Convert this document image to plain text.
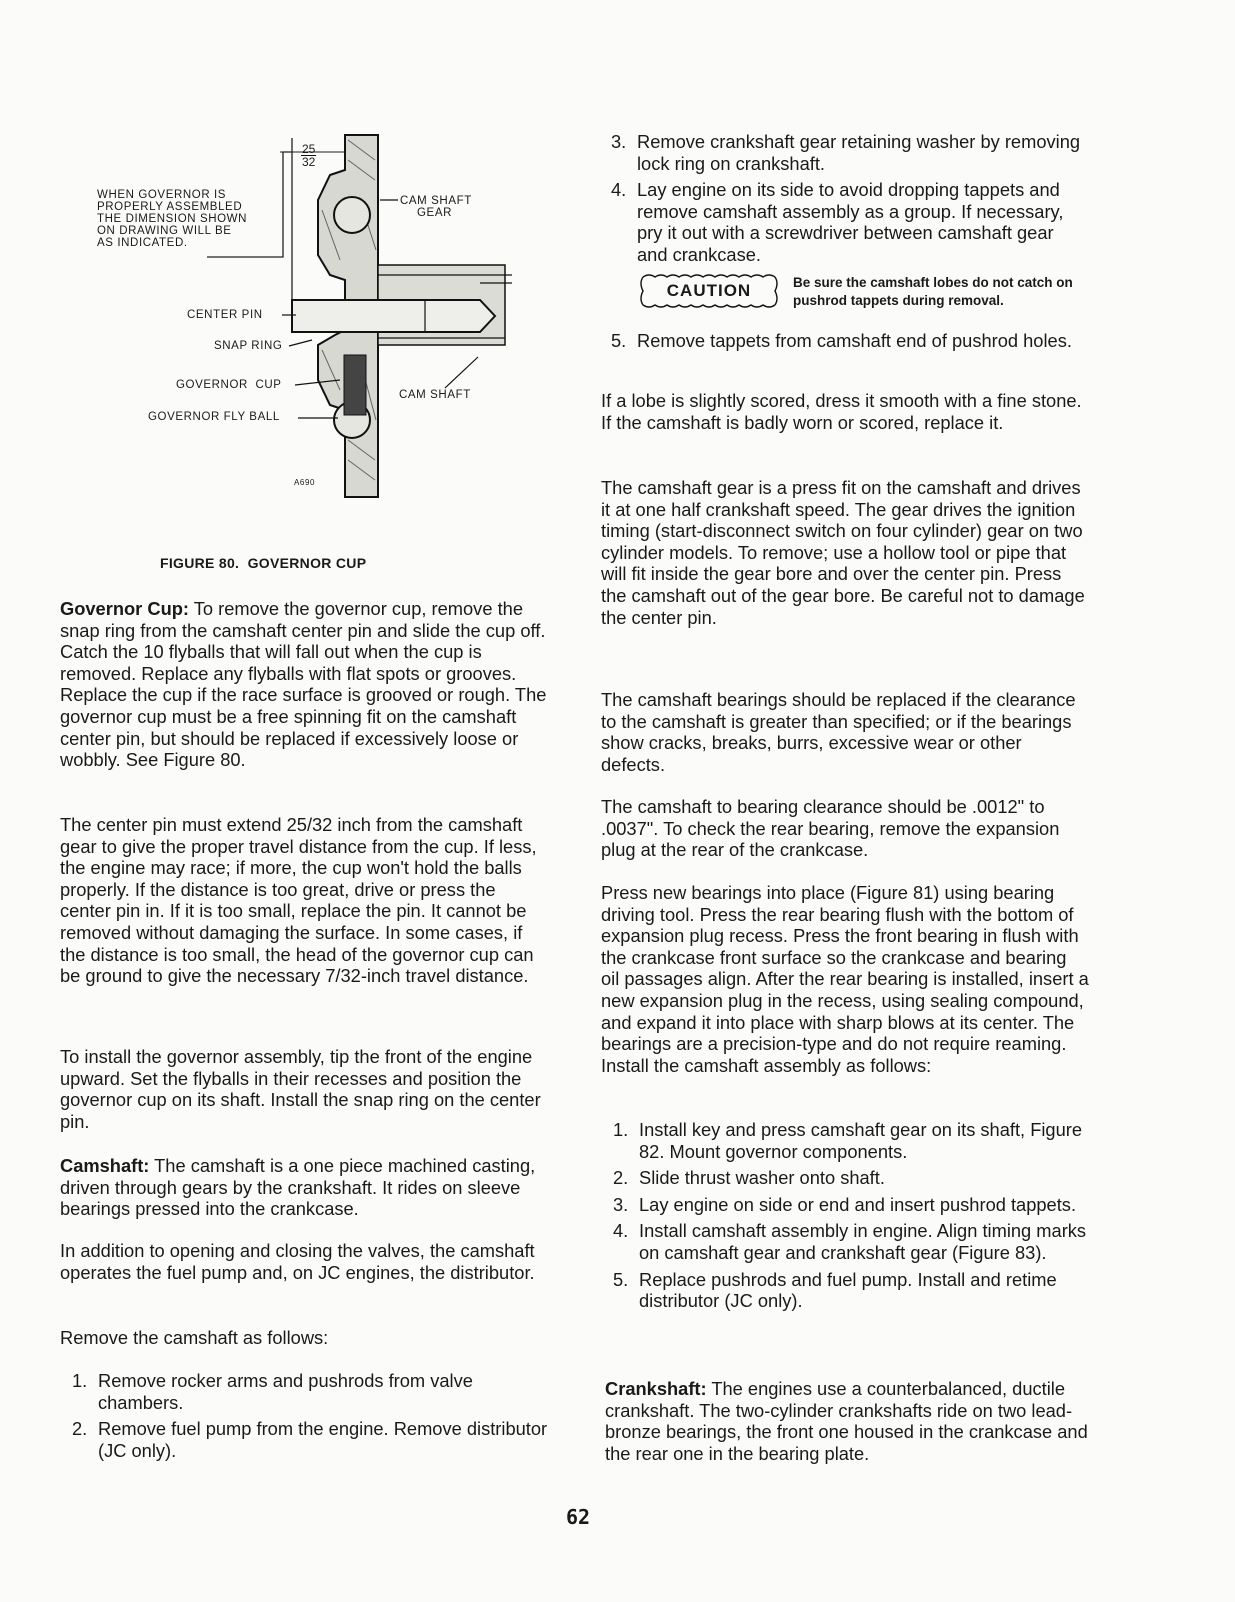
WHEN GOVERNOR IS
PROPERLY ASSEMBLED
THE DIMENSION SHOWN
ON DRAWING WILL BE
AS INDICATED.
$\frac{25}{32}$
CAM SHAFT
GEAR
CENTER PIN
SNAP RING
GOVERNOR  CUP
CAM SHAFT
GOVERNOR FLY BALL
A690
FIGURE 80.  GOVERNOR CUP

Governor Cup: To remove the governor cup, remove the snap ring from the camshaft center pin and slide the cup off. Catch the 10 flyballs that will fall out when the cup is removed. Replace any flyballs with flat spots or grooves. Replace the cup if the race surface is grooved or rough. The governor cup must be a free spinning fit on the camshaft center pin, but should be replaced if excessively loose or wobbly. See Figure 80.

The center pin must extend 25/32 inch from the camshaft gear to give the proper travel distance from the cup. If less, the engine may race; if more, the cup won't hold the balls properly. If the distance is too great, drive or press the center pin in. If it is too small, replace the pin. It cannot be removed without damaging the surface. In some cases, if the distance is too small, the head of the governor cup can be ground to give the necessary 7/32-inch travel distance.

To install the governor assembly, tip the front of the engine upward. Set the flyballs in their recesses and position the governor cup on its shaft. Install the snap ring on the center pin.

Camshaft: The camshaft is a one piece machined casting, driven through gears by the crankshaft. It rides on sleeve bearings pressed into the crankcase.

In addition to opening and closing the valves, the camshaft operates the fuel pump and, on JC engines, the distributor.

Remove the camshaft as follows:

1. Remove rocker arms and pushrods from valve chambers.
2. Remove fuel pump from the engine. Remove distributor (JC only).
3. Remove crankshaft gear retaining washer by removing lock ring on crankshaft.
4. Lay engine on its side to avoid dropping tappets and remove camshaft assembly as a group. If necessary, pry it out with a screwdriver between camshaft gear and crankcase.
CAUTION	Be sure the camshaft lobes do not catch on pushrod tappets during removal.
5. Remove tappets from camshaft end of pushrod holes.

If a lobe is slightly scored, dress it smooth with a fine stone. If the camshaft is badly worn or scored, replace it.

The camshaft gear is a press fit on the camshaft and drives it at one half crankshaft speed. The gear drives the ignition timing (start-disconnect switch on four cylinder) gear on two cylinder models. To remove; use a hollow tool or pipe that will fit inside the gear bore and over the center pin. Press the camshaft out of the gear bore. Be careful not to damage the center pin.

The camshaft bearings should be replaced if the clearance to the camshaft is greater than specified; or if the bearings show cracks, breaks, burrs, excessive wear or other defects.

The camshaft to bearing clearance should be .0012" to .0037". To check the rear bearing, remove the expansion plug at the rear of the crankcase.

Press new bearings into place (Figure 81) using bearing driving tool. Press the rear bearing flush with the bottom of expansion plug recess. Press the front bearing in flush with the crankcase front surface so the crankcase and bearing oil passages align. After the rear bearing is installed, insert a new expansion plug in the recess, using sealing compound, and expand it into place with sharp blows at its center. The bearings are a precision-type and do not require reaming. Install the camshaft assembly as follows:

1. Install key and press camshaft gear on its shaft, Figure 82. Mount governor components.
2. Slide thrust washer onto shaft.
3. Lay engine on side or end and insert pushrod tappets.
4. Install camshaft assembly in engine. Align timing marks on camshaft gear and crankshaft gear (Figure 83).
5. Replace pushrods and fuel pump. Install and retime distributor (JC only).

Crankshaft: The engines use a counterbalanced, ductile crankshaft. The two-cylinder crankshafts ride on two lead-bronze bearings, the front one housed in the crankcase and the rear one in the bearing plate.

62
